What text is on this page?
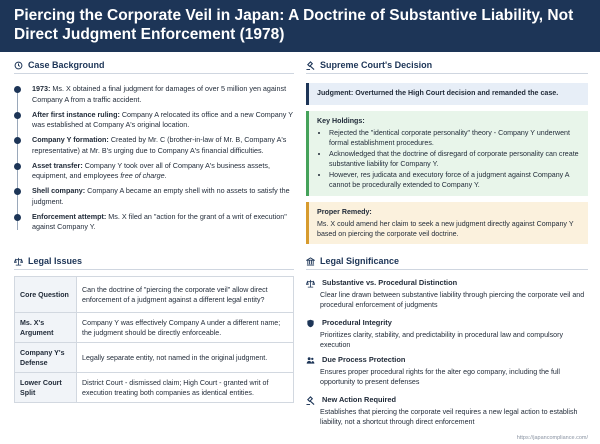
Piercing the Corporate Veil in Japan: A Doctrine of Substantive Liability, Not Direct Judgment Enforcement (1978)
Case Background
1973: Ms. X obtained a final judgment for damages of over 5 million yen against Company A from a traffic accident.
After first instance ruling: Company A relocated its office and a new Company Y was established at Company A's original location.
Company Y formation: Created by Mr. C (brother-in-law of Mr. B, Company A's representative) at Mr. B's urging due to Company A's financial difficulties.
Asset transfer: Company Y took over all of Company A's business assets, equipment, and employees free of charge.
Shell company: Company A became an empty shell with no assets to satisfy the judgment.
Enforcement attempt: Ms. X filed an "action for the grant of a writ of execution" against Company Y.
Legal Issues
Core Question	Can the doctrine of "piercing the corporate veil" allow direct enforcement of a judgment against a different legal entity?
Ms. X's Argument	Company Y was effectively Company A under a different name; the judgment should be directly enforceable.
Company Y's Defense	Legally separate entity, not named in the original judgment.
Lower Court Split	District Court - dismissed claim; High Court - granted writ of execution treating both companies as identical entities.
Supreme Court's Decision
Judgment: Overturned the High Court decision and remanded the case.
Key Holdings:
• Rejected the "identical corporate personality" theory - Company Y underwent formal establishment procedures.
• Acknowledged that the doctrine of disregard of corporate personality can create substantive liability for Company Y.
• However, res judicata and executory force of a judgment against Company A cannot be procedurally extended to Company Y.
Proper Remedy:
Ms. X could amend her claim to seek a new judgment directly against Company Y based on piercing the corporate veil doctrine.
Legal Significance
Substantive vs. Procedural Distinction
Clear line drawn between substantive liability through piercing the corporate veil and procedural enforcement of judgments
Procedural Integrity
Prioritizes clarity, stability, and predictability in procedural law and compulsory execution
Due Process Protection
Ensures proper procedural rights for the alter ego company, including the full opportunity to present defenses
New Action Required
Establishes that piercing the corporate veil requires a new legal action to establish liability, not a shortcut through direct enforcement
https://japancompliance.com/
